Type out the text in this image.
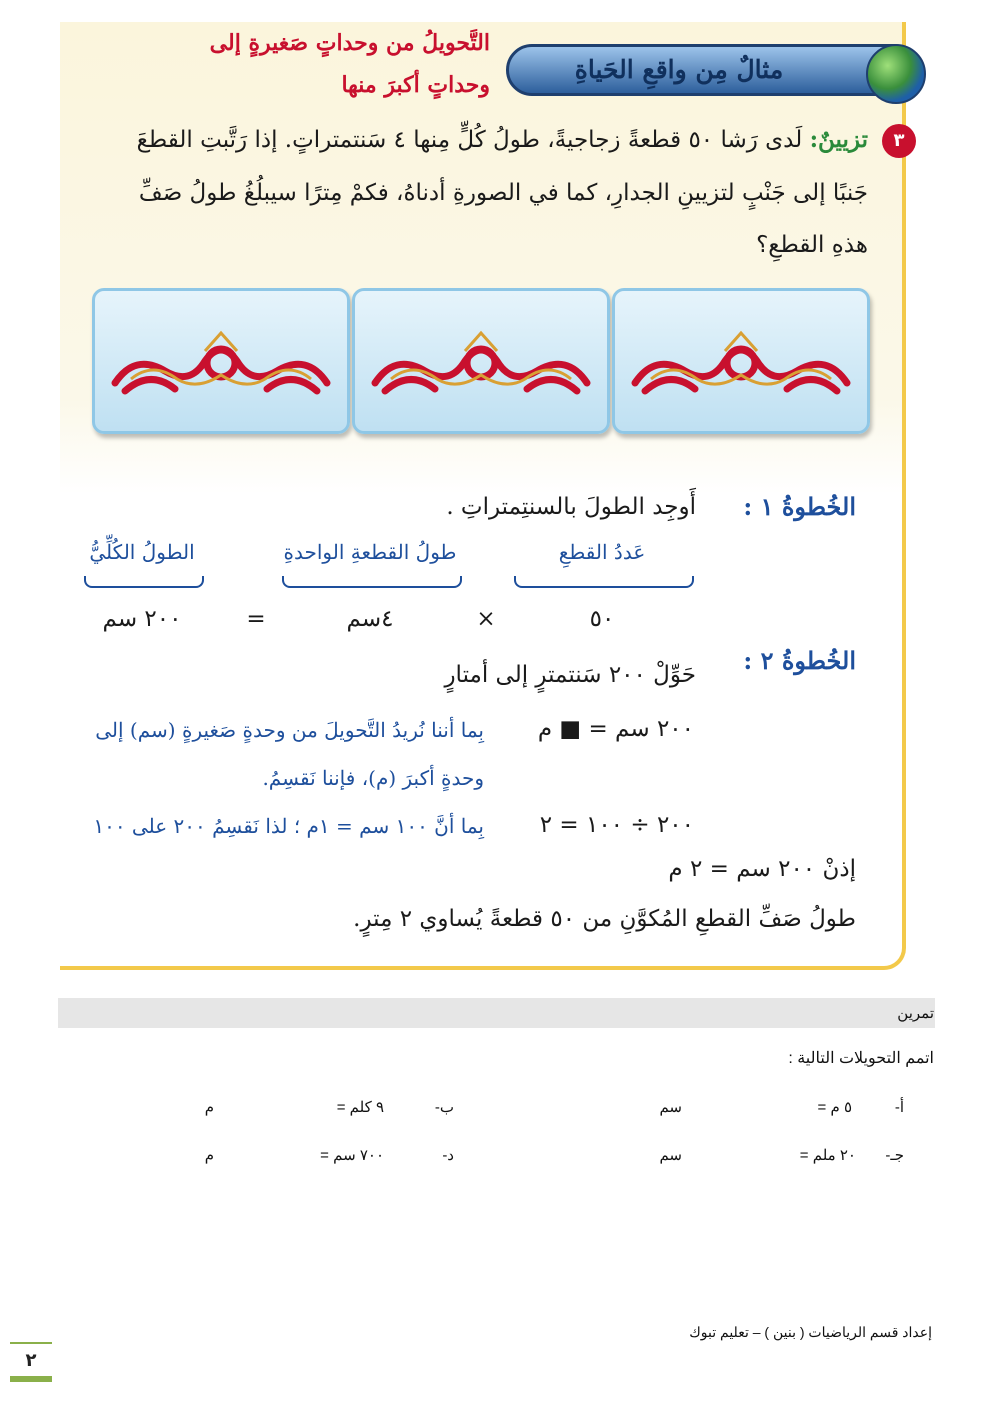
مثالٌ مِن واقعِ الحَياةِ
التَّحويلُ من وحداتٍ صَغيرةٍ إلى
وحداتٍ أكبرَ منها
٣
تزيينٌ: لَدى رَشا ٥٠ قطعةً زجاجيةً، طولُ كُلٍّ مِنها ٤ سَنتمتراتٍ. إذا رَتَّبتِ القطعَ
جَنبًا إلى جَنْبٍ لتزيينِ الجدارِ، كما في الصورةِ أدناهُ، فكمْ مِترًا سيبلُغُ طولُ صَفِّ
هذهِ القطعِ؟
الخُطوةُ ١ :
أَوجِد الطولَ بالسنتِمتراتِ .
عَددُ القطعِ
طولُ القطعةِ الواحدةِ
الطولُ الكُلِّيُّ
٥٠
×
٤سم
=
٢٠٠ سم
الخُطوةُ ٢ :
حَوِّلْ ٢٠٠ سَنتمترٍ إلى أمتارٍ
٢٠٠ سم = ■ م
بِما أننا نُريدُ التَّحويلَ من وحدةٍ صَغيرةٍ (سم) إلى
وحدةٍ أكبرَ (م)، فإننا نَقسِمُ.
٢٠٠ ÷ ١٠٠ = ٢
بِما أنَّ ١٠٠ سم = ١م ؛ لذا نَقسِمُ ٢٠٠ على ١٠٠
إذنْ ٢٠٠ سم = ٢ م
طولُ صَفِّ القطعِ المُكوَّنِ من ٥٠ قطعةً يُساوي ٢ مِترٍ.
تمرين
اتمم التحويلات التالية :
أ-
٥ م =
سم
ب-
٩ كلم =
م
جـ-
٢٠ ملم =
سم
د-
٧٠٠ سم =
م
إعداد قسم الرياضيات ( بنين ) – تعليم تبوك
٢
